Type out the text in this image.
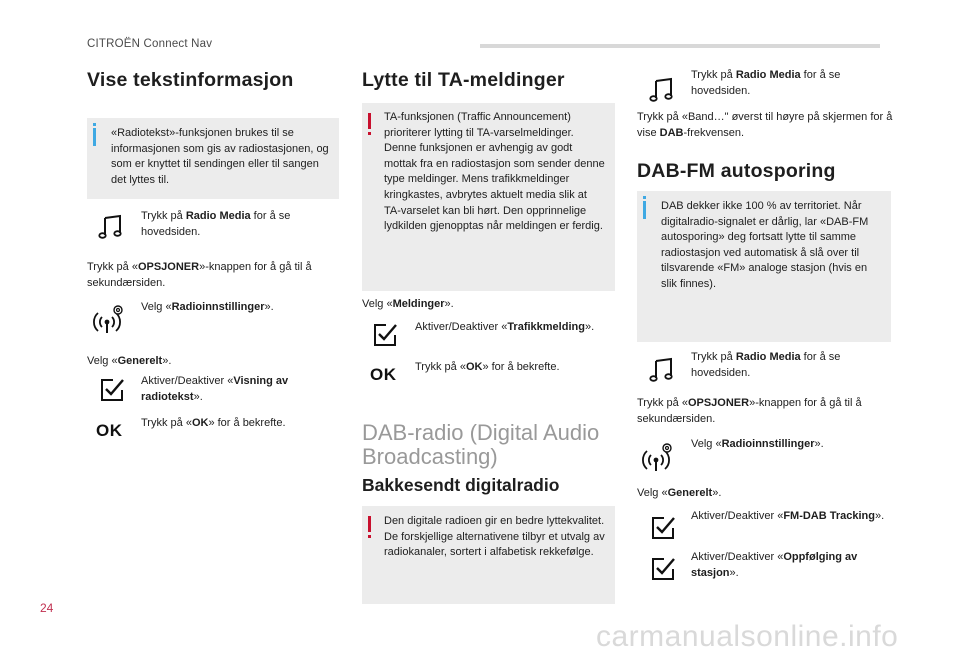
CITROËN Connect Nav
Vise tekstinformasjon

«Radiotekst»-funksjonen brukes til se informasjonen som gis av radiostasjonen, og som er knyttet til sendingen eller til sangen det lyttes til.

Trykk på Radio Media for å se hovedsiden.
Trykk på «OPSJONER»-knappen for å gå til å sekundærsiden.
Velg «Radioinnstillinger».
Velg «Generelt».
Aktiver/Deaktiver «Visning av radiotekst».
OK Trykk på «OK» for å bekrefte.
Lytte til TA-meldinger

TA-funksjonen (Traffic Announcement) prioriterer lytting til TA-varselmeldinger. Denne funksjonen er avhengig av godt mottak fra en radiostasjon som sender denne type meldinger. Mens trafikkmeldinger kringkastes, avbrytes aktuelt media slik at TA-varselet kan bli hørt. Den opprinnelige lydkilden gjenopptas når meldingen er ferdig.

Velg «Meldinger».
Aktiver/Deaktiver «Trafikkmelding».
OK Trykk på «OK» for å bekrefte.
DAB-radio (Digital Audio
Broadcasting)
Bakkesendt digitalradio

Den digitale radioen gir en bedre lyttekvalitet.

De forskjellige alternativene tilbyr et utvalg av radiokanaler, sortert i alfabetisk rekkefølge.

Trykk på Radio Media for å se hovedsiden.
Trykk på «Band…" øverst til høyre på skjermen for å vise DAB-frekvensen.
DAB-FM autosporing

DAB dekker ikke 100 % av territoriet. Når digitalradio-signalet er dårlig, lar «DAB-FM autosporing» deg fortsatt lytte til samme radiostasjon ved automatisk å slå over til tilsvarende «FM» analoge stasjon (hvis en slik finnes).

Trykk på Radio Media for å se hovedsiden.
Trykk på «OPSJONER»-knappen for å gå til å sekundærsiden.
Velg «Radioinnstillinger».
Velg «Generelt».
Aktiver/Deaktiver «FM-DAB Tracking».
Aktiver/Deaktiver «Oppfølging av stasjon».
24
carmanualsonline.info
